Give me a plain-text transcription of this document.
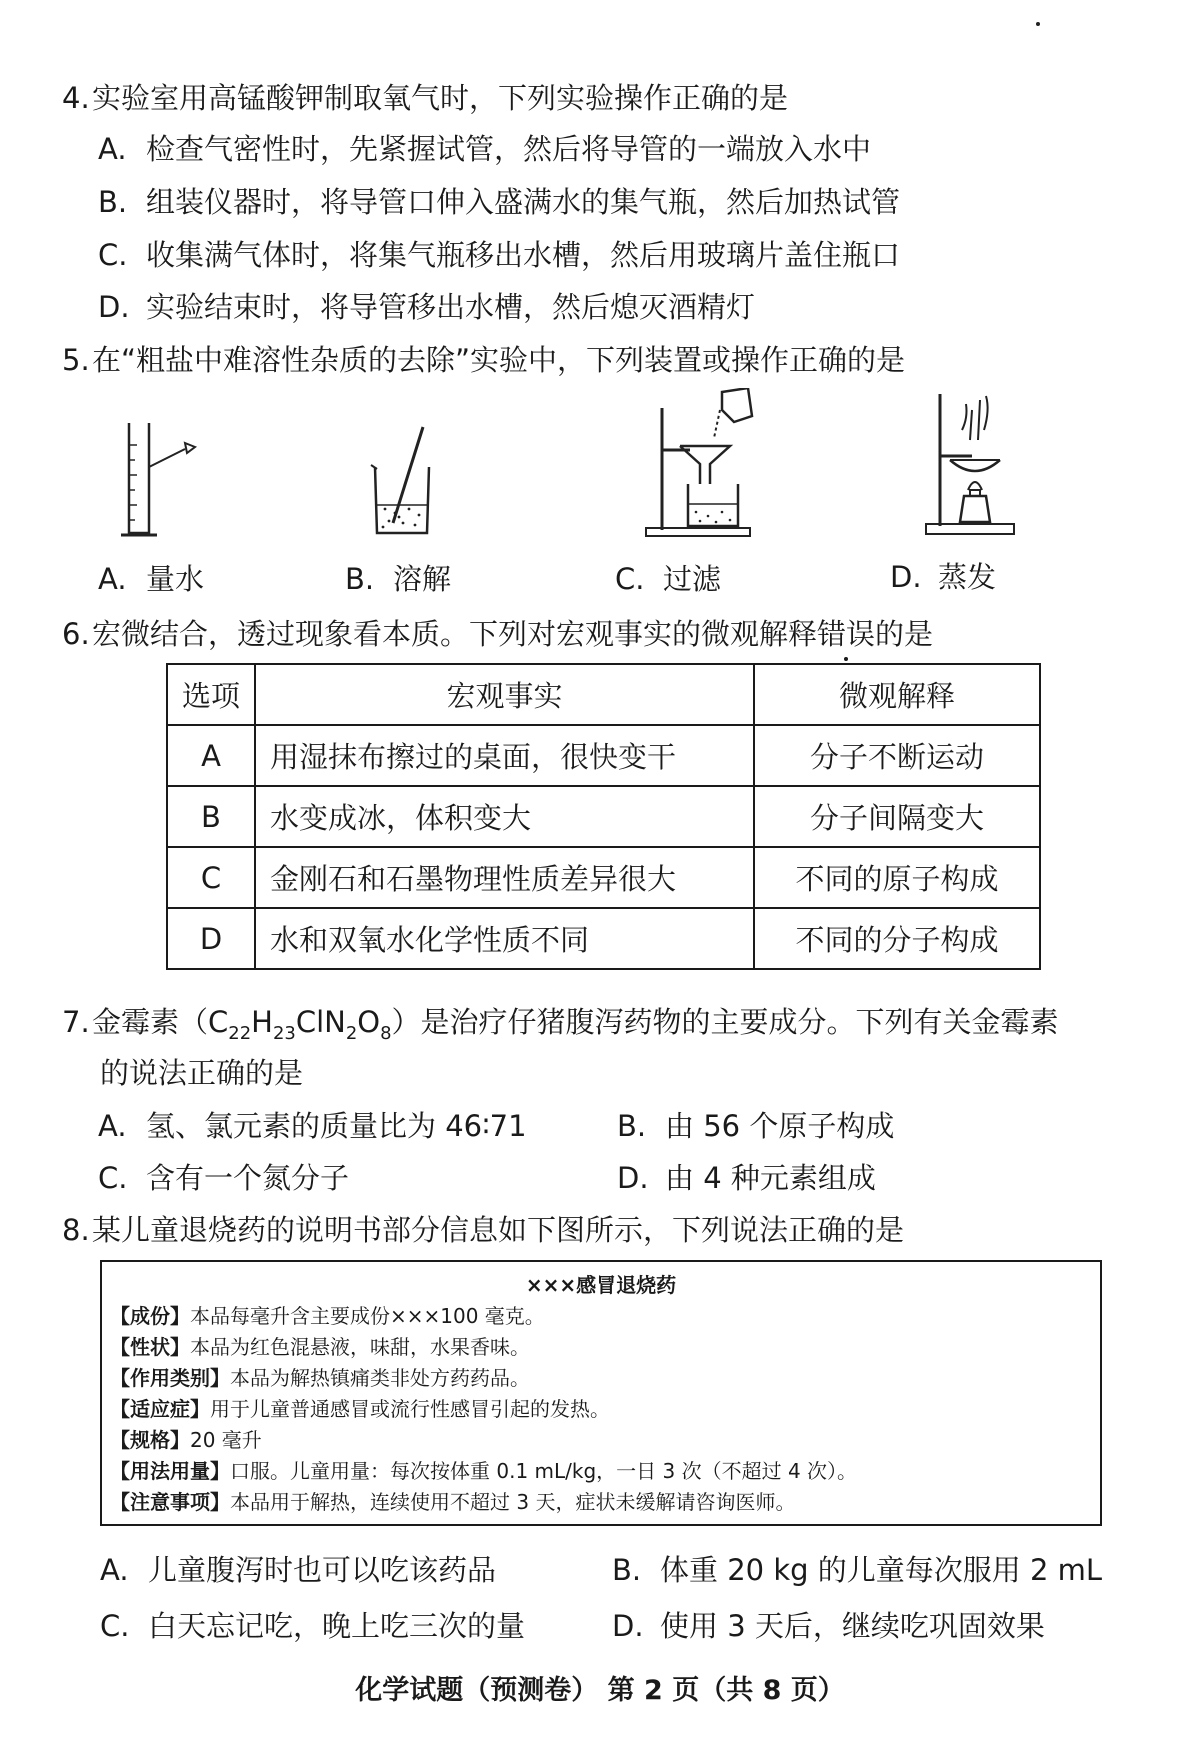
4.实验室用高锰酸钾制取氧气时，下列实验操作正确的是
A. 检查气密性时，先紧握试管，然后将导管的一端放入水中
B. 组装仪器时，将导管口伸入盛满水的集气瓶，然后加热试管
C. 收集满气体时，将集气瓶移出水槽，然后用玻璃片盖住瓶口
D. 实验结束时，将导管移出水槽，然后熄灭酒精灯
5.在“粗盐中难溶性杂质的去除”实验中，下列装置或操作正确的是
A. 量水	B. 溶解	C. 过滤	D. 蒸发
6.宏微结合，透过现象看本质。下列对宏观事实的微观解释错误的是
选项	宏观事实	微观解释
A	用湿抹布擦过的桌面，很快变干	分子不断运动
B	水变成冰，体积变大	分子间隔变大
C	金刚石和石墨物理性质差异很大	不同的原子构成
D	水和双氧水化学性质不同	不同的分子构成
7.金霉素$(C_{22}H_{23}ClN_2O_8)$是治疗仔猪腹泻药物的主要成分。下列有关金霉素
的说法正确的是
A. 氢、氯元素的质量比为 46∶71	B. 由 56 个原子构成
C. 含有一个氮分子	D. 由 4 种元素组成
8.某儿童退烧药的说明书部分信息如下图所示，下列说法正确的是
×××感冒退烧药
【成份】本品每毫升含主要成份×××100 毫克。
【性状】本品为红色混悬液，味甜，水果香味。
【作用类别】本品为解热镇痛类非处方药药品。
【适应症】用于儿童普通感冒或流行性感冒引起的发热。
【规格】20 毫升
【用法用量】口服。儿童用量：每次按体重 0.1 mL/kg，一日 3 次（不超过 4 次）。
【注意事项】本品用于解热，连续使用不超过 3 天，症状未缓解请咨询医师。
A. 儿童腹泻时也可以吃该药品	B. 体重 20 kg 的儿童每次服用 2 mL
C. 白天忘记吃，晚上吃三次的量	D. 使用 3 天后，继续吃巩固效果
化学试题（预测卷） 第 2 页（共 8 页）
